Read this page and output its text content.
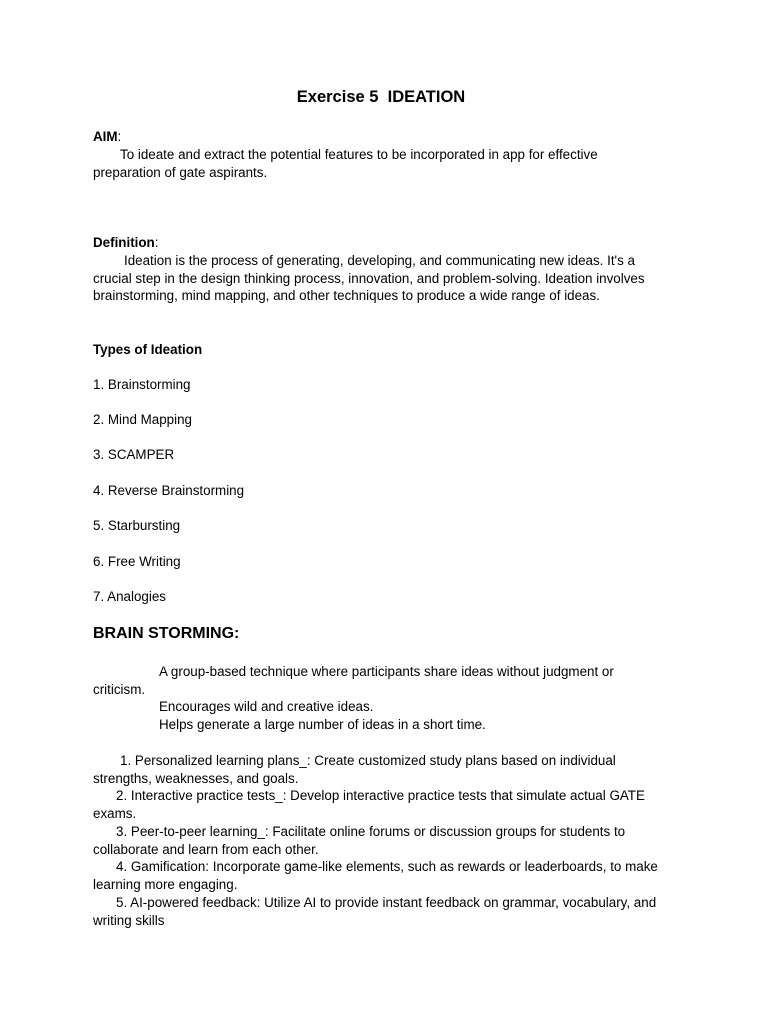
Exercise 5  IDEATION
AIM:
To ideate and extract the potential features to be incorporated in app for effective preparation of gate aspirants.
Definition:
Ideation is the process of generating, developing, and communicating new ideas. It's a crucial step in the design thinking process, innovation, and problem-solving. Ideation involves brainstorming, mind mapping, and other techniques to produce a wide range of ideas.
Types of Ideation
1. Brainstorming
2. Mind Mapping
3. SCAMPER
4. Reverse Brainstorming
5. Starbursting
6. Free Writing
7. Analogies
BRAIN STORMING:
A group-based technique where participants share ideas without judgment or criticism.
Encourages wild and creative ideas.
Helps generate a large number of ideas in a short time.
1. Personalized learning plans_: Create customized study plans based on individual strengths, weaknesses, and goals.
2. Interactive practice tests_: Develop interactive practice tests that simulate actual GATE exams.
3. Peer-to-peer learning_: Facilitate online forums or discussion groups for students to collaborate and learn from each other.
4. Gamification: Incorporate game-like elements, such as rewards or leaderboards, to make learning more engaging.
5. AI-powered feedback: Utilize AI to provide instant feedback on grammar, vocabulary, and writing skills
